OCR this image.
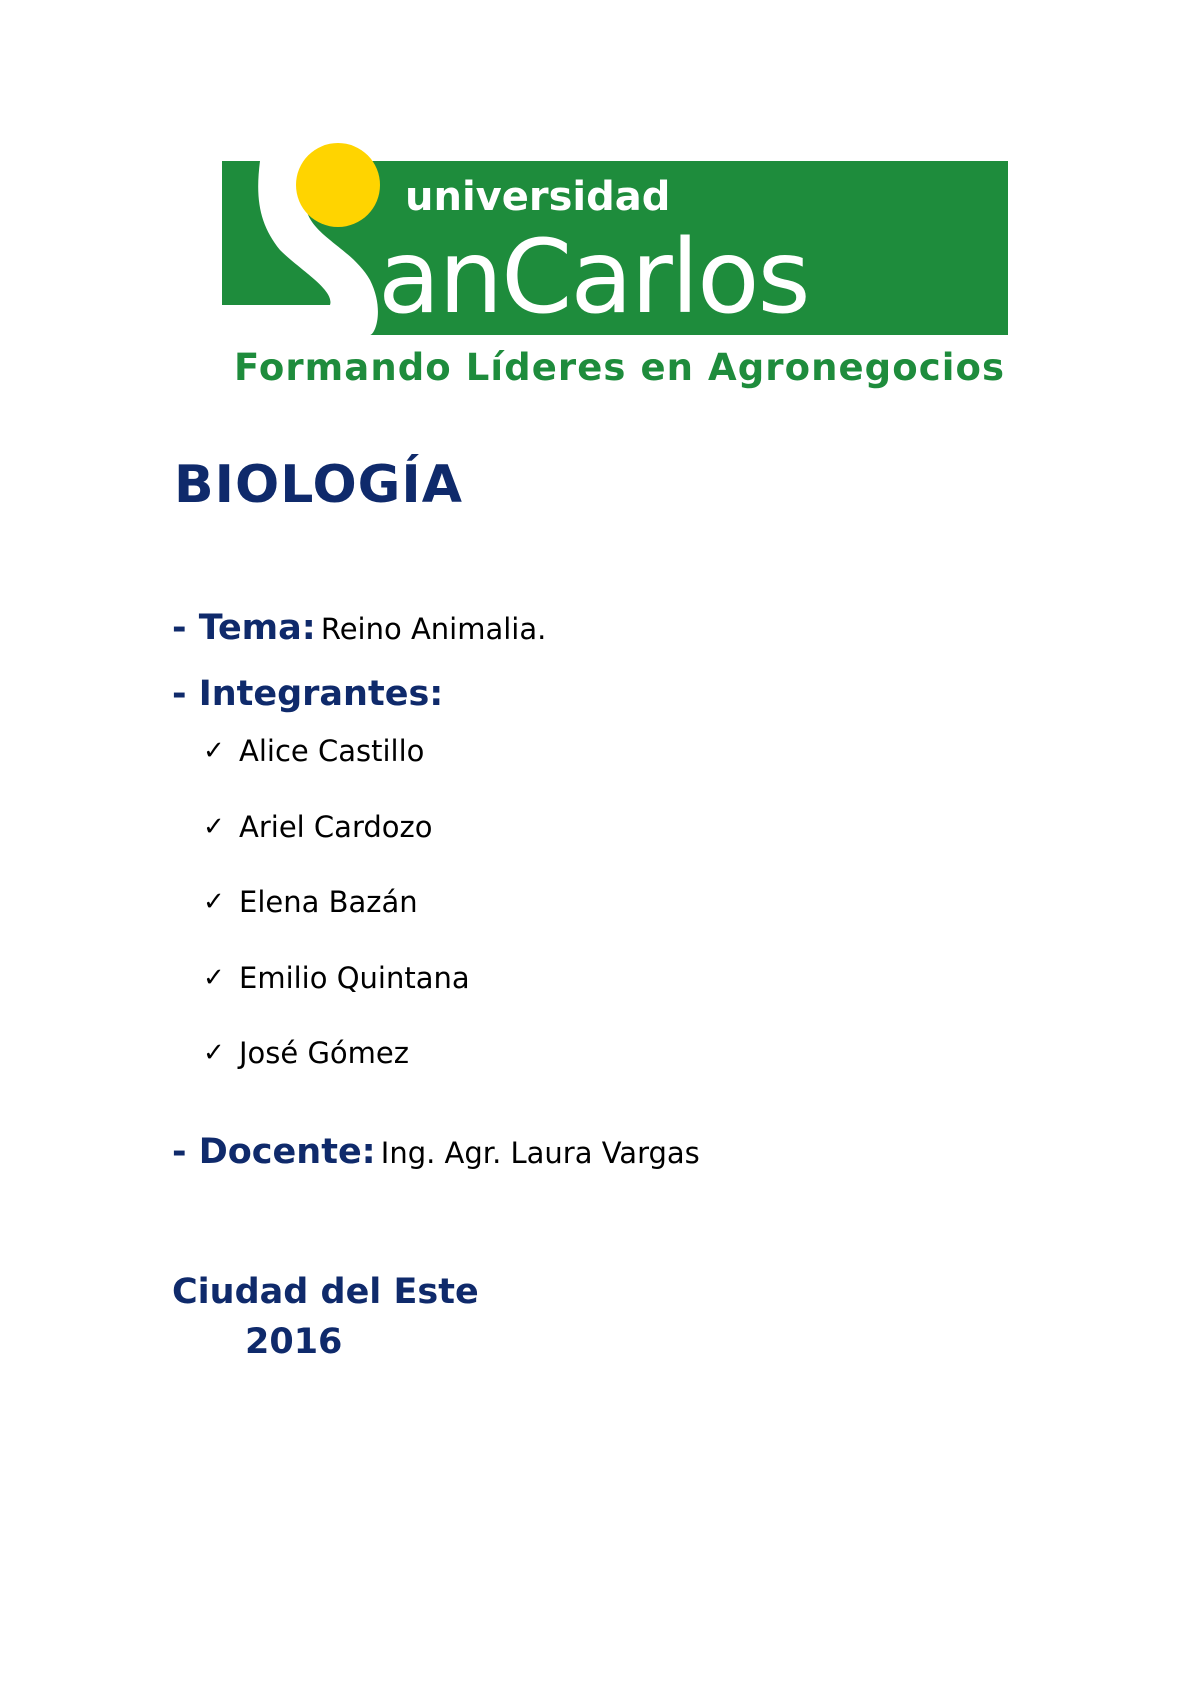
universidad
anCarlos
Formando Líderes en Agronegocios
BIOLOGÍA
- Tema: Reino Animalia.
- Integrantes:
✓ Alice Castillo
✓ Ariel Cardozo
✓ Elena Bazán
✓ Emilio Quintana
✓ José Gómez
- Docente: Ing. Agr. Laura Vargas
Ciudad del Este
2016
